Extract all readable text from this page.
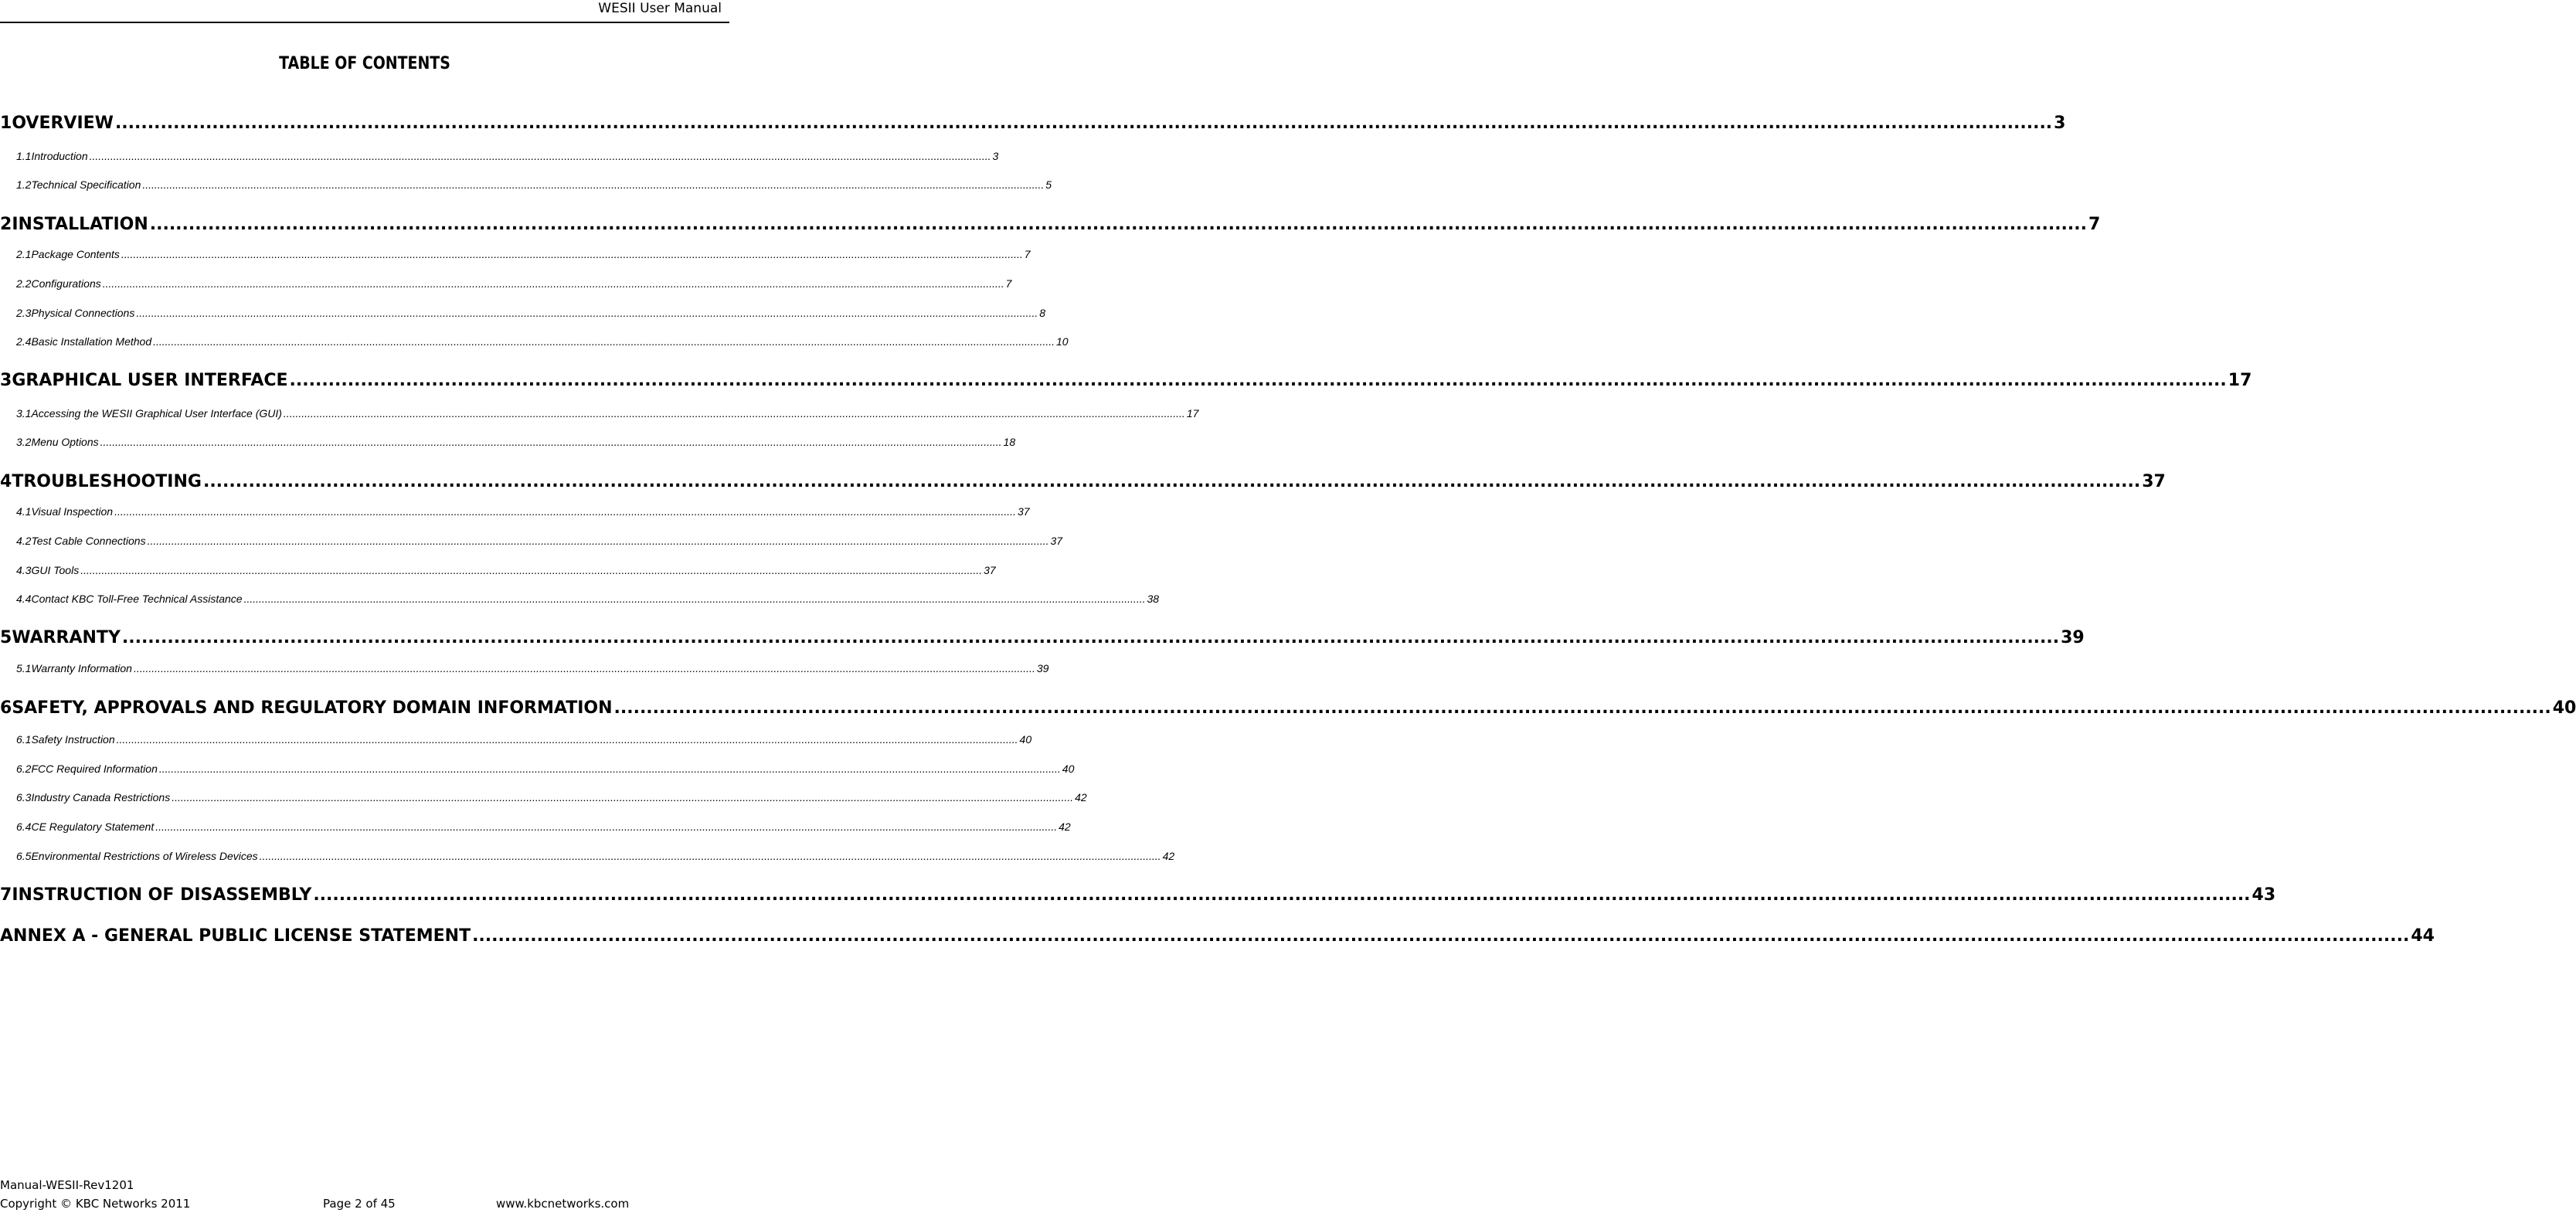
WESII User Manual
TABLE OF CONTENTS
1 OVERVIEW ............................................................................................................................................................................................................................................................................................................ 3
1.1 Introduction ............................................................................................................................................................................................................................................................................................................ 3
1.2 Technical Specification ............................................................................................................................................................................................................................................................................................................ 5
2 INSTALLATION ............................................................................................................................................................................................................................................................................................................ 7
2.1 Package Contents ............................................................................................................................................................................................................................................................................................................ 7
2.2 Configurations ............................................................................................................................................................................................................................................................................................................ 7
2.3 Physical Connections ............................................................................................................................................................................................................................................................................................................ 8
2.4 Basic Installation Method ............................................................................................................................................................................................................................................................................................................ 10
3 GRAPHICAL USER INTERFACE ............................................................................................................................................................................................................................................................................................................ 17
3.1 Accessing the WESII Graphical User Interface (GUI) ............................................................................................................................................................................................................................................................................................................ 17
3.2 Menu Options ............................................................................................................................................................................................................................................................................................................ 18
4 TROUBLESHOOTING ............................................................................................................................................................................................................................................................................................................ 37
4.1 Visual Inspection ............................................................................................................................................................................................................................................................................................................ 37
4.2 Test Cable Connections ............................................................................................................................................................................................................................................................................................................ 37
4.3 GUI Tools ............................................................................................................................................................................................................................................................................................................ 37
4.4 Contact KBC Toll-Free Technical Assistance ............................................................................................................................................................................................................................................................................................................ 38
5 WARRANTY ............................................................................................................................................................................................................................................................................................................ 39
5.1 Warranty Information ............................................................................................................................................................................................................................................................................................................ 39
6 SAFETY, APPROVALS AND REGULATORY DOMAIN INFORMATION ............................................................................................................................................................................................................................................................................................................ 40
6.1 Safety Instruction ............................................................................................................................................................................................................................................................................................................ 40
6.2 FCC Required Information ............................................................................................................................................................................................................................................................................................................ 40
6.3 Industry Canada Restrictions ............................................................................................................................................................................................................................................................................................................ 42
6.4 CE Regulatory Statement ............................................................................................................................................................................................................................................................................................................ 42
6.5 Environmental Restrictions of Wireless Devices ............................................................................................................................................................................................................................................................................................................ 42
7 INSTRUCTION OF DISASSEMBLY ............................................................................................................................................................................................................................................................................................................ 43
ANNEX A - GENERAL PUBLIC LICENSE STATEMENT ............................................................................................................................................................................................................................................................................................................ 44
Manual-WESII-Rev1201
Copyright © KBC Networks 2011	Page 2 of 45	www.kbcnetworks.com
